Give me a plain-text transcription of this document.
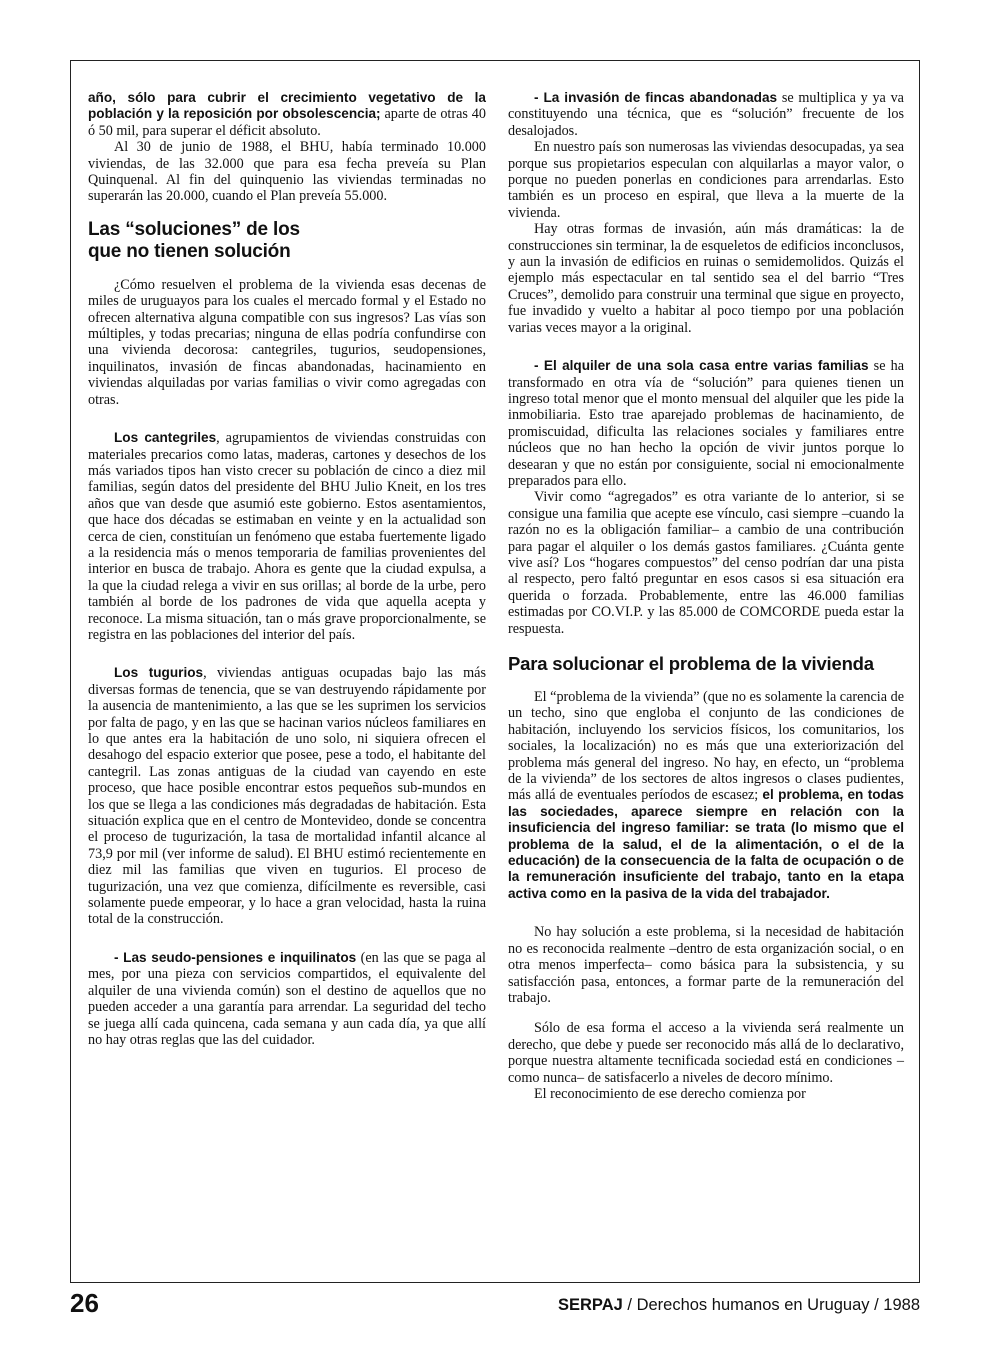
año, sólo para cubrir el crecimiento vegetativo de la población y la reposición por obsolescencia; aparte de otras 40 ó 50 mil, para superar el déficit absoluto.

Al 30 de junio de 1988, el BHU, había terminado 10.000 viviendas, de las 32.000 que para esa fecha preveía su Plan Quinquenal. Al fin del quinquenio las viviendas terminadas no superarán las 20.000, cuando el Plan preveía 55.000.

Las “soluciones” de los
que no tienen solución

¿Cómo resuelven el problema de la vivienda esas decenas de miles de uruguayos para los cuales el mercado formal y el Estado no ofrecen alternativa alguna compatible con sus ingresos? Las vías son múltiples, y todas precarias; ninguna de ellas podría confundirse con una vivienda decorosa: cantegriles, tugurios, seudopensiones, inquilinatos, invasión de fincas abandonadas, hacinamiento en viviendas alquiladas por varias familias o vivir como agregadas con otras.

Los cantegriles, agrupamientos de viviendas construidas con materiales precarios como latas, maderas, cartones y desechos de los más variados tipos han visto crecer su población de cinco a diez mil familias, según datos del presidente del BHU Julio Kneit, en los tres años que van desde que asumió este gobierno. Estos asentamientos, que hace dos décadas se estimaban en veinte y en la actualidad son cerca de cien, constituían un fenómeno que estaba fuertemente ligado a la residencia más o menos temporaria de familias provenientes del interior en busca de trabajo. Ahora es gente que la ciudad expulsa, a la que la ciudad relega a vivir en sus orillas; al borde de la urbe, pero también al borde de los padrones de vida que aquella acepta y reconoce. La misma situación, tan o más grave proporcionalmente, se registra en las poblaciones del interior del país.

Los tugurios, viviendas antiguas ocupadas bajo las más diversas formas de tenencia, que se van destruyendo rápidamente por la ausencia de mantenimiento, a las que se les suprimen los servicios por falta de pago, y en las que se hacinan varios núcleos familiares en lo que antes era la habitación de uno solo, ni siquiera ofrecen el desahogo del espacio exterior que posee, pese a todo, el habitante del cantegril. Las zonas antiguas de la ciudad van cayendo en este proceso, que hace posible encontrar estos pequeños sub-mundos en los que se llega a las condiciones más degradadas de habitación. Esta situación explica que en el centro de Montevideo, donde se concentra el proceso de tugurización, la tasa de mortalidad infantil alcance al 73,9 por mil (ver informe de salud). El BHU estimó recientemente en diez mil las familias que viven en tugurios. El proceso de tugurización, una vez que comienza, difícilmente es reversible, casi solamente puede empeorar, y lo hace a gran velocidad, hasta la ruina total de la construcción.

- Las seudo-pensiones e inquilinatos (en las que se paga al mes, por una pieza con servicios compartidos, el equivalente del alquiler de una vivienda común) son el destino de aquellos que no pueden acceder a una garantía para arrendar. La seguridad del techo se juega allí cada quincena, cada semana y aun cada día, ya que allí no hay otras reglas que las del cuidador.

- La invasión de fincas abandonadas se multiplica y ya va constituyendo una técnica, que es “solución” frecuente de los desalojados.

En nuestro país son numerosas las viviendas desocupadas, ya sea porque sus propietarios especulan con alquilarlas a mayor valor, o porque no pueden ponerlas en condiciones para arrendarlas. Esto también es un proceso en espiral, que lleva a la muerte de la vivienda.

Hay otras formas de invasión, aún más dramáticas: la de construcciones sin terminar, la de esqueletos de edificios inconclusos, y aun la invasión de edificios en ruinas o semidemolidos. Quizás el ejemplo más espectacular en tal sentido sea el del barrio “Tres Cruces”, demolido para construir una terminal que sigue en proyecto, fue invadido y vuelto a habitar al poco tiempo por una población varias veces mayor a la original.

- El alquiler de una sola casa entre varias familias se ha transformado en otra vía de “solución” para quienes tienen un ingreso total menor que el monto mensual del alquiler que les pide la inmobiliaria. Esto trae aparejado problemas de hacinamiento, de promiscuidad, dificulta las relaciones sociales y familiares entre núcleos que no han hecho la opción de vivir juntos porque lo desearan y que no están por consiguiente, social ni emocionalmente preparados para ello.

Vivir como “agregados” es otra variante de lo anterior, si se consigue una familia que acepte ese vínculo, casi siempre –cuando la razón no es la obligación familiar– a cambio de una contribución para pagar el alquiler o los demás gastos familiares. ¿Cuánta gente vive así? Los “hogares compuestos” del censo podrían dar una pista al respecto, pero faltó preguntar en esos casos si esa situación era querida o forzada. Probablemente, entre las 46.000 familias estimadas por CO.VI.P. y las 85.000 de COMCORDE pueda estar la respuesta.

Para solucionar el problema de la vivienda

El “problema de la vivienda” (que no es solamente la carencia de un techo, sino que engloba el conjunto de las condiciones de habitación, incluyendo los servicios físicos, los comunitarios, los sociales, la localización) no es más que una exteriorización del problema más general del ingreso. No hay, en efecto, un “problema de la vivienda” de los sectores de altos ingresos o clases pudientes, más allá de eventuales períodos de escasez; el problema, en todas las sociedades, aparece siempre en relación con la insuficiencia del ingreso familiar: se trata (lo mismo que el problema de la salud, el de la alimentación, o el de la educación) de la consecuencia de la falta de ocupación o de la remuneración insuficiente del trabajo, tanto en la etapa activa como en la pasiva de la vida del trabajador.

No hay solución a este problema, si la necesidad de habitación no es reconocida realmente –dentro de esta organización social, o en otra menos imperfecta– como básica para la subsistencia, y su satisfacción pasa, entonces, a formar parte de la remuneración del trabajo.

Sólo de esa forma el acceso a la vivienda será realmente un derecho, que debe y puede ser reconocido más allá de lo declarativo, porque nuestra altamente tecnificada sociedad está en condiciones –como nunca– de satisfacerlo a niveles de decoro mínimo.

El reconocimiento de ese derecho comienza por

26	SERPAJ / Derechos humanos en Uruguay / 1988
